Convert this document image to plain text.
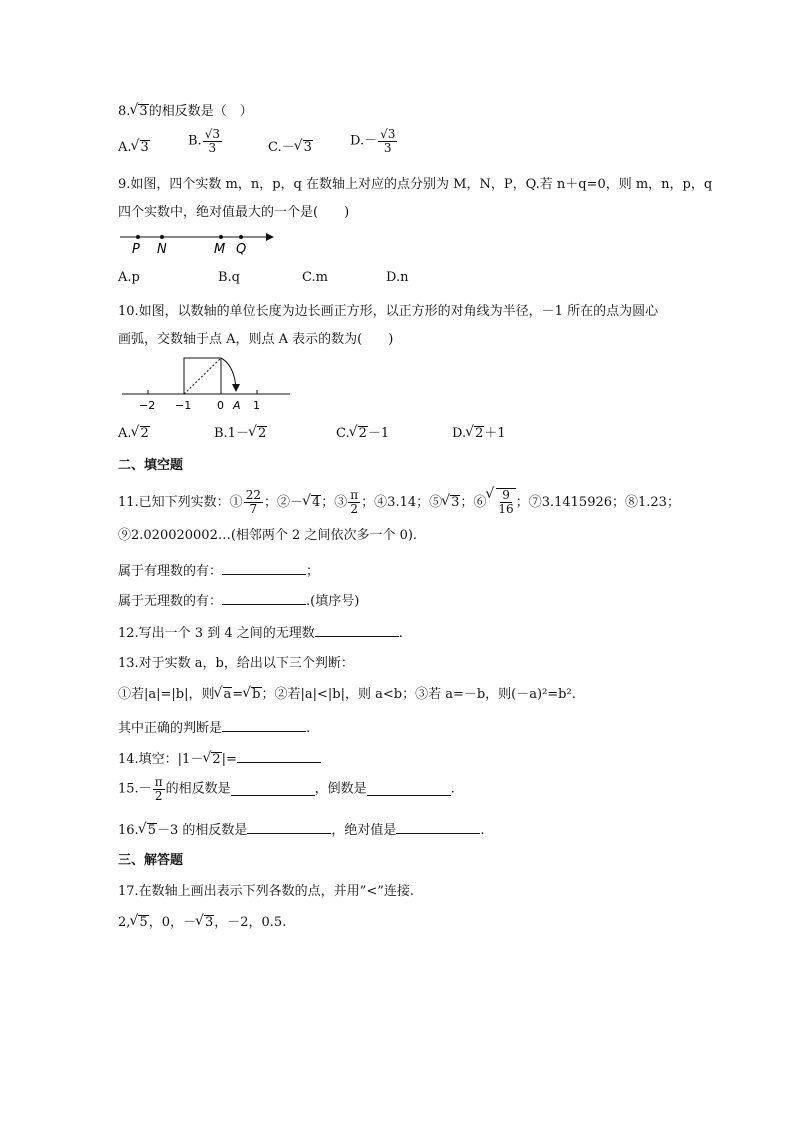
8. √ 3的相反数是（　）
A. √ 3	B. $\frac{√3}{3}$	C.－ √ 3	$D.- \frac{√3}{3}$
9.如图，四个实数 m，n，p，q 在数轴上对应的点分别为 M，N，P，Q.若 n＋q=0，则 m，n，p，q
四个实数中，绝对值最大的一个是(　　)
P N	M Q
A.p	B.q	C.m	D.n
10.如图，以数轴的单位长度为边长画正方形，以正方形的对角线为半径，－1 所在的点为圆心
画弧，交数轴于点 A，则点 A 表示的数为(　　)
−2 −1 0 A 1
A. √ 2	B.1－ √ 2	C. √ 2－1	D. √ 2＋1
二、填空题
11.已知下列实数：① $\frac{22}{7}$ ；②－ √ 4；③ $\frac{\pi}{2}$ ；④3.14；⑤ √ 3；⑥ √ $\frac{9}{16}$ ；⑦3.1415926；⑧1.23；
⑨2.020020002…(相邻两个 2 之间依次多一个 0).
属于有理数的有：	；
属于无理数的有：	.(填序号)
12.写出一个 3 到 4 之间的无理数	.
13.对于实数 a，b，给出以下三个判断：
①若|a|=|b|，则 √ a= √ b；②若|a|<|b|，则 a<b；③若 a=－b，则(－a)²=b².
其中正确的判断是	.
14.填空：|1－ √ 2|=
$15.- \frac{\pi}{2}$ 的相反数是	，倒数是	.
16. √ 5－3 的相反数是	，绝对值是	.
三、解答题
17.在数轴上画出表示下列各数的点，并用”<”连接.
2, √ 5，0，－ √ 3，－2，0.5.
